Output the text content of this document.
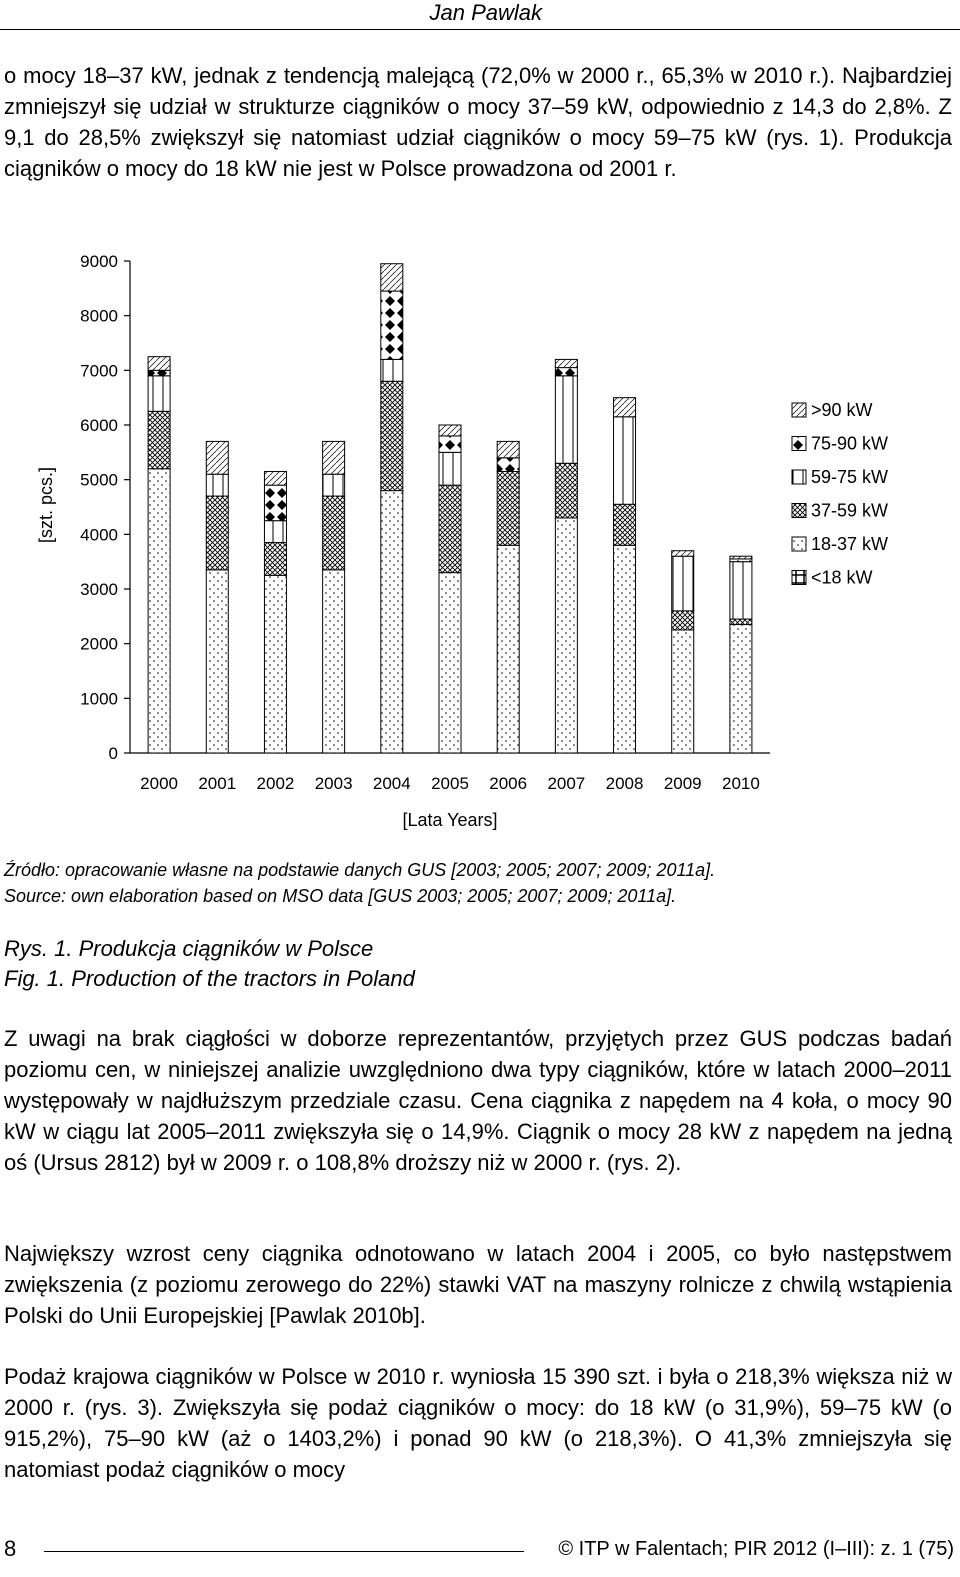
Jan Pawlak

o mocy 18–37 kW, jednak z tendencją malejącą (72,0% w 2000 r., 65,3% w 2010 r.). Najbardziej zmniejszył się udział w strukturze ciągników o mocy 37–59 kW, odpowiednio z 14,3 do 2,8%. Z 9,1 do 28,5% zwiększył się natomiast udział ciągników o mocy 59–75 kW (rys. 1). Produkcja ciągników o mocy do 18 kW nie jest w Polsce prowadzona od 2001 r.

0
1000
2000
3000
4000
5000
6000
7000
8000
9000
2000 2001 2002 2003 2004 2005 2006 2007 2008 2009 2010
>90 kW
75-90 kW
59-75 kW
37-59 kW
18-37 kW
<18 kW
[szt. pcs.]
[Lata Years]
Źródło: opracowanie własne na podstawie danych GUS [2003; 2005; 2007; 2009; 2011a].
Source: own elaboration based on MSO data [GUS 2003; 2005; 2007; 2009; 2011a].
Rys. 1. Produkcja ciągników w Polsce
Fig. 1. Production of the tractors in Poland

Z uwagi na brak ciągłości w doborze reprezentantów, przyjętych przez GUS podczas badań poziomu cen, w niniejszej analizie uwzględniono dwa typy ciągników, które w latach 2000–2011 występowały w najdłuższym przedziale czasu. Cena ciągnika z napędem na 4 koła, o mocy 90 kW w ciągu lat 2005–2011 zwiększyła się o 14,9%. Ciągnik o mocy 28 kW z napędem na jedną oś (Ursus 2812) był w 2009 r. o 108,8% droższy niż w 2000 r. (rys. 2).

Największy wzrost ceny ciągnika odnotowano w latach 2004 i 2005, co było następstwem zwiększenia (z poziomu zerowego do 22%) stawki VAT na maszyny rolnicze z chwilą wstąpienia Polski do Unii Europejskiej [Pawlak 2010b].

Podaż krajowa ciągników w Polsce w 2010 r. wyniosła 15 390 szt. i była o 218,3% większa niż w 2000 r. (rys. 3). Zwiększyła się podaż ciągników o mocy: do 18 kW (o 31,9%), 59–75 kW (o 915,2%), 75–90 kW (aż o 1403,2%) i ponad 90 kW (o 218,3%). O 41,3% zmniejszyła się natomiast podaż ciągników o mocy

8	© ITP w Falentach; PIR 2012 (I–III): z. 1 (75)
